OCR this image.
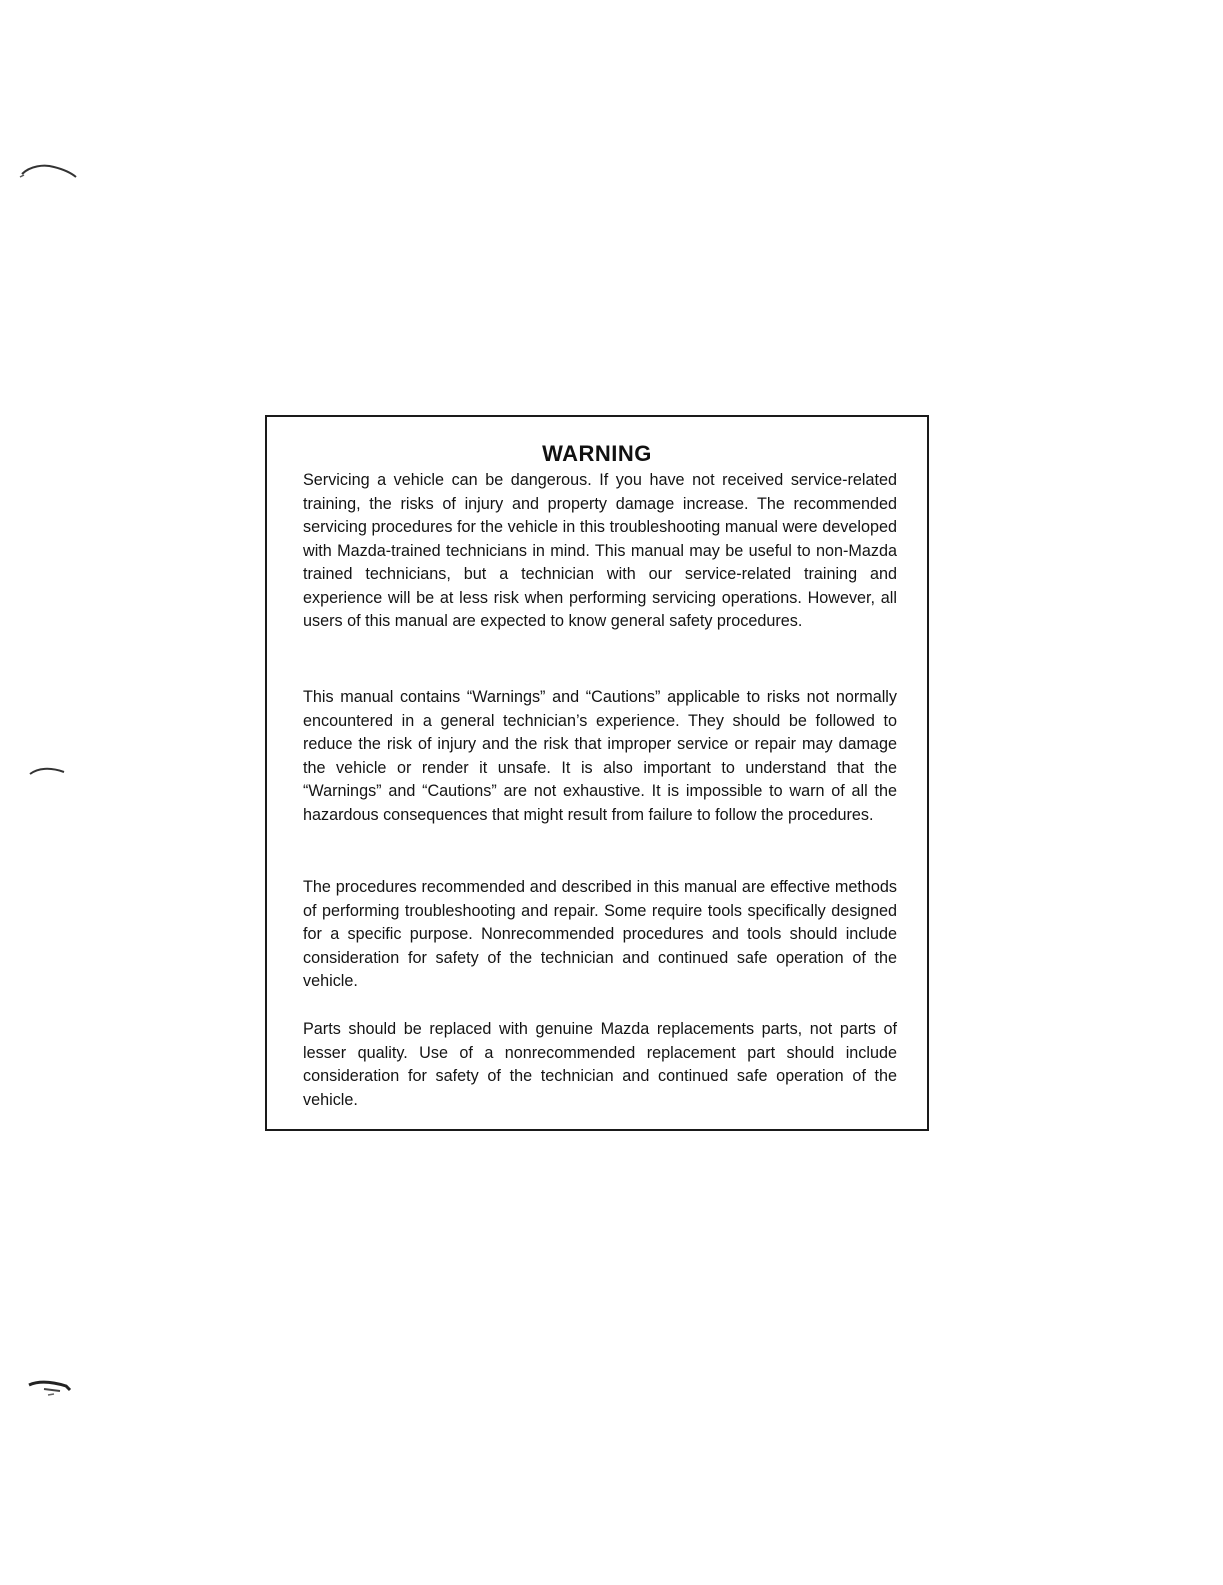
WARNING

Servicing a vehicle can be dangerous. If you have not received service-related training, the risks of injury and property damage increase. The recommended servicing procedures for the vehicle in this troubleshooting manual were developed with Mazda-trained technicians in mind. This manual may be useful to non-Mazda trained technicians, but a technician with our service-related training and experience will be at less risk when performing servicing operations. However, all users of this manual are expected to know general safety procedures.

This manual contains “Warnings” and “Cautions” applicable to risks not normally encountered in a general technician’s experience. They should be followed to reduce the risk of injury and the risk that improper service or repair may damage the vehicle or render it unsafe. It is also important to understand that the “Warnings” and “Cautions” are not exhaustive. It is impossible to warn of all the hazardous consequences that might result from failure to follow the procedures.

The procedures recommended and described in this manual are effective methods of performing troubleshooting and repair. Some require tools specifically designed for a specific purpose. Nonrecommended procedures and tools should include consideration for safety of the technician and continued safe operation of the vehicle.

Parts should be replaced with genuine Mazda replacements parts, not parts of lesser quality. Use of a nonrecommended replacement part should include consideration for safety of the technician and continued safe operation of the vehicle.
